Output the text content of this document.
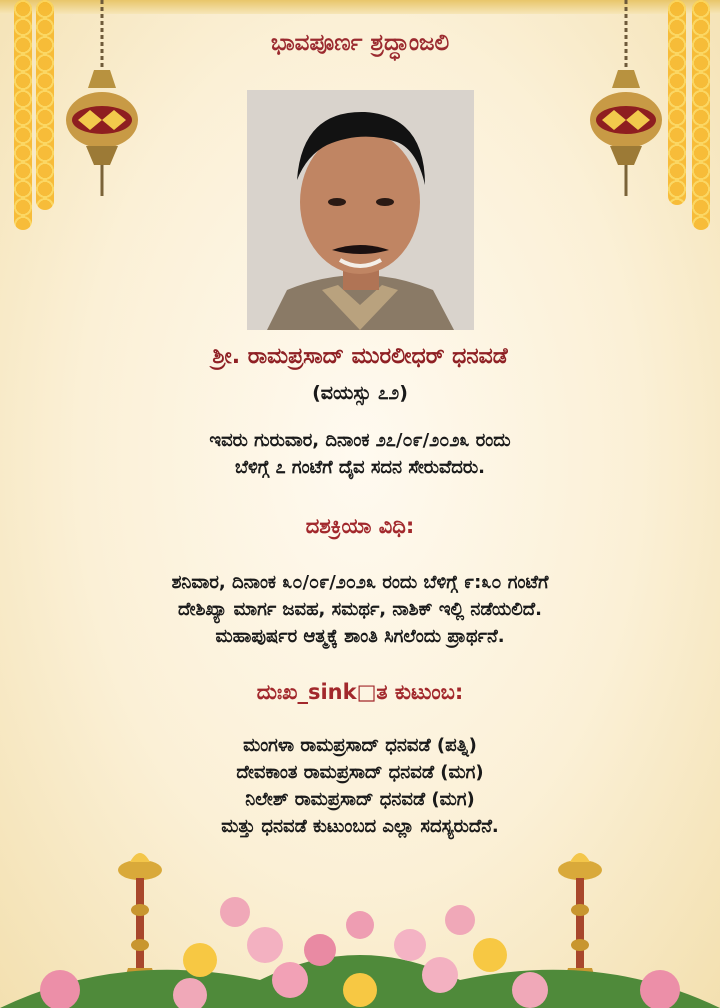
ಭಾವಪೂರ್ಣ ಶ್ರದ್ಧಾಂಜಲಿ
ಶ್ರೀ. ರಾಮಪ್ರಸಾದ್ ಮುರಲೀಧರ್ ಧನವಡೆ
(ವಯಸ್ಸು ೭೨)
ಇವರು ಗುರುವಾರ, ದಿನಾಂಕ ೨೭/೦೯/೨೦೨೩ ರಂದು
ಬೆಳಿಗ್ಗೆ ೭ ಗಂಟೆಗೆ ದೈವ ಸದನ ಸೇರುವೆದರು.
ದಶಕ್ರಿಯಾ ವಿಧಿ:
ಶನಿವಾರ, ದಿನಾಂಕ ೩೦/೦೯/೨೦೨೩ ರಂದು ಬೆಳಿಗ್ಗೆ ೯:೩೦ ಗಂಟೆಗೆ
ದೇಶಿಖ್ಯಾ ಮಾರ್ಗ ಜವಹ, ಸಮರ್ಥ, ನಾಶಿಕ್ ಇಲ್ಲಿ ನಡೆಯಲಿದೆ.
ಮಹಾಪುರ್ಷರ ಆತ್ಮಕ್ಕೆ ಶಾಂತಿ ಸಿಗಲೆಂದು ಪ್ರಾರ್ಥನೆ.
ದುಃಖ_sink□ತ ಕುಟುಂಬ:
ಮಂಗಳಾ ರಾಮಪ್ರಸಾದ್ ಧನವಡೆ (ಪತ್ನಿ)
ದೇವಕಾಂತ ರಾಮಪ್ರಸಾದ್ ಧನವಡೆ (ಮಗ)
ನಿಲೇಶ್ ರಾಮಪ್ರಸಾದ್ ಧನವಡೆ (ಮಗ)
ಮತ್ತು ಧನವಡೆ ಕುಟುಂಬದ ಎಲ್ಲಾ ಸದಸ್ಯರುದೆನೆ.
